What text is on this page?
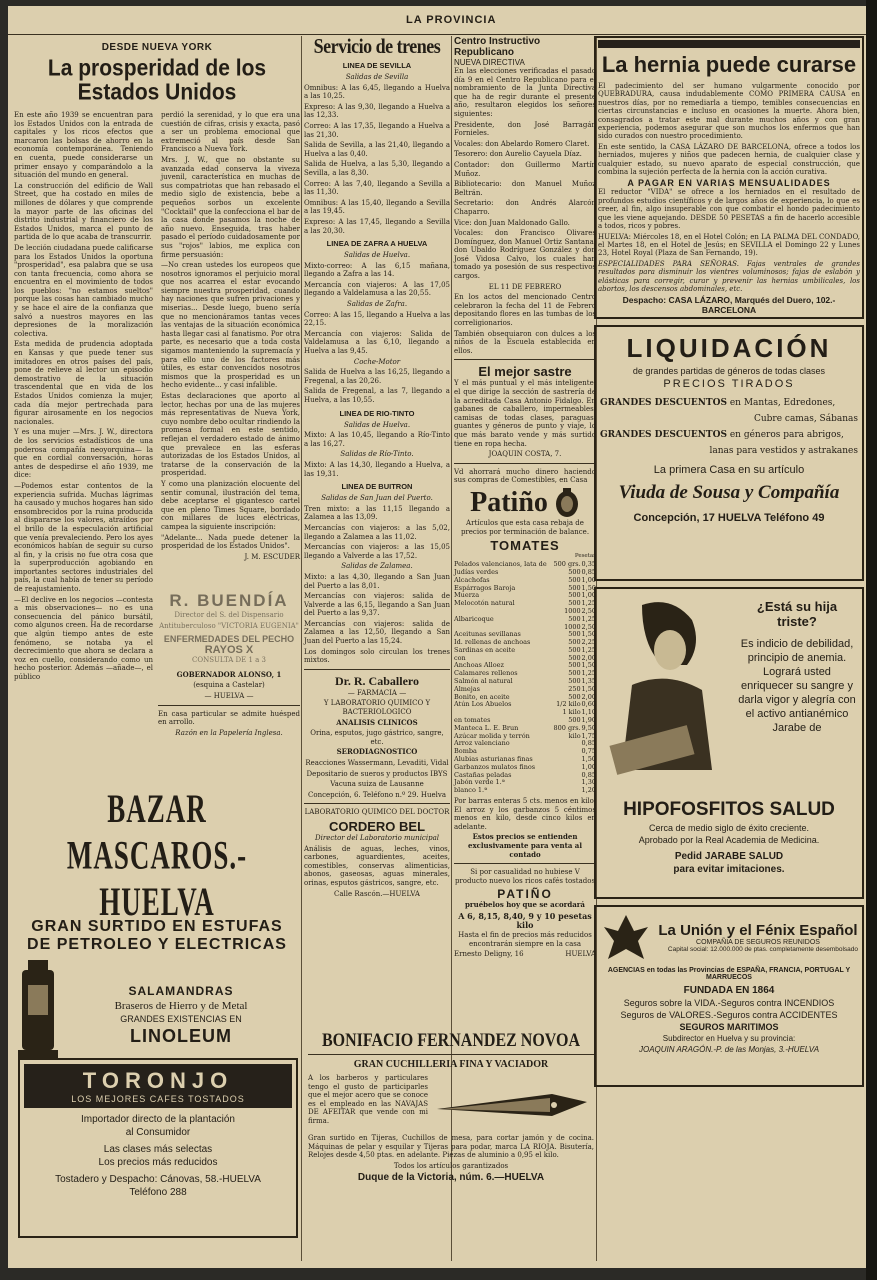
LA PROVINCIA
DESDE NUEVA YORK
La prosperidad de los Estados Unidos

En este año 1939 se encuentran para los Estados Unidos con la entrada de capitales y los ricos efectos que marcaron las bolsas de ahorro en la economía contemporánea. Teniendo en cuenta, puede considerarse un primer ensayo y comparándolo a la situación del mundo en general.

La construcción del edificio de Wall Street, que ha costado en miles de millones de dólares y que comprende la mayor parte de las oficinas del distrito industrial y financiero de los Estados Unidos, marca el punto de partida de lo que acaba de transcurrir.

De lección ciudadana puede calificarse para los Estados Unidos la oportuna "prosperidad", esa palabra que se usa con tanta frecuencia, como ahora se encuentra en el movimiento de todos los pueblos: "no estamos sueltos" porque las cosas han cambiado mucho y se hace el aire de la confianza que salvó a nuestros mayores en las depresiones de la moralización colectiva.

Esta medida de prudencia adoptada en Kansas y que puede tener sus imitadores en otros países del país, pone de relieve al lector un episodio demostrativo de la situación trascendental que en vida de los Estados Unidos comienza la mujer, cada día mejor pertrechada para figurar airosamente en los negocios nacionales.

Y es una mujer —Mrs. J. W., directora de los servicios estadísticos de una poderosa compañía neoyorquina— la que en cordial conversación, horas antes de despedirse el año 1939, me dice:

—Podemos estar contentos de la experiencia sufrida. Muchas lágrimas ha causado y muchos hogares han sido ensombrecidos por la ruina producida al dispararse los valores, atraídos por el brillo de la especulación artificial que venía prevaleciendo. Pero los ayes económicos habían de seguir su curso al fin, y la crisis no fue otra cosa que la superproducción agobiando en importantes sectores industriales del país, la cual había de tener su período de reajustamiento.

—El declive en los negocios —contesta a mis observaciones— no es una consecuencia del pánico bursátil, como algunos creen. Ha de recordarse que algún tiempo antes de este fenómeno, se notaba ya el decrecimiento que ahora se declara a voz en cuello, considerando como un hecho posterior. Además —añade—, el público

perdió la serenidad, y lo que era una cuestión de cifras, crisis y exacta, pasó a ser un problema emocional que extremeció al país desde San Francisco a Nueva York.

Mrs. J. W., que no obstante su avanzada edad conserva la viveza juvenil, característica en muchas de sus compatriotas que han rebasado el medio siglo de existencia, bebe a pequeños sorbos un excelente "Cocktail" que la confecciona el bar de la casa donde pasamos la noche de año nuevo. Enseguida, tras haber pasado el período cuidadosamente por sus "rojos" labios, me explica con firme persuasión:

—No crean ustedes los europeos que nosotros ignoramos el perjuicio moral que nos acarrea el estar evocando siempre nuestra prosperidad, cuando hay naciones que sufren privaciones y miserias... Desde luego, bueno sería que no mencionáramos tantas veces las ventajas de la situación económica hasta llegar casi al fanatismo. Por otra parte, es necesario que a toda costa sigamos manteniendo la supremacía y para ello uno de los factores más útiles, es estar convencidos nosotros mismos que la prosperidad es un hecho evidente... y casi infalible.

Estas declaraciones que aporto al lector, hechas por una de las mujeres más representativas de Nueva York, cuyo nombre debo ocultar rindiendo la promesa formal en este sentido, reflejan el verdadero estado de ánimo que prevalece en las esferas autorizadas de los Estados Unidos, al tratarse de la conservación de la prosperidad.

Y como una planización elocuente del sentir comunal, ilustración del tema, debe aceptarse el gigantesco cartel que en pleno Times Square, bordado con millares de luces eléctricas, campea la siguiente inscripción:

"Adelante... Nada puede detener la prosperidad de los Estados Unidos".

J. M. ESCUDER

R. BUENDÍA

Director del S. del Dispensario

Antituberculoso "VICTORIA EUGENIA"

ENFERMEDADES DEL PECHO
RAYOS X

CONSULTA DE 1 a 3

GOBERNADOR ALONSO, 1

(esquina a Castelar)

— HUELVA —

En casa particular se admite huésped en arrollo.

Razón en la Papelería Inglesa.

BAZAR MASCAROS.-HUELVA
GRAN SURTIDO EN ESTUFAS
DE PETROLEO Y ELECTRICAS
SALAMANDRAS
Braseros de Hierro y de Metal
GRANDES EXISTENCIAS EN
LINOLEUM
TORONJO
LOS MEJORES CAFES TOSTADOS
Importador directo de la plantación
al Consumidor
Las clases más selectas
Los precios más reducidos
Tostadero y Despacho: Cánovas, 58.-HUELVA
Teléfono 288
Servicio de trenes
LINEA DE SEVILLA

Salidas de Sevilla

Omnibus: A las 6,45, llegando a Huelva a las 10,25.

Expreso: A las 9,30, llegando a Huelva a las 12,33.

Correo: A las 17,35, llegando a Huelva a las 21,30.

Salida de Sevilla, a las 21,40, llegando a Huelva a las 0,40.

Salida de Huelva, a las 5,30, llegando a Sevilla, a las 8,30.

Correo: A las 7,40, llegando a Sevilla a las 11,30.

Omnibus: A las 15,40, llegando a Sevilla a las 19,45.

Expreso: A las 17,45, llegando a Sevilla a las 20,30.

LINEA DE ZAFRA A HUELVA

Salidas de Huelva.

Mixto-correo: A las 6,15 mañana, llegando a Zafra a las 14.

Mercancía con viajeros: A las 17,05 llegando a Valdelamusa a las 20,55.

Salidas de Zafra.

Correo: A las 15, llegando a Huelva a las 22,15.

Mercancía con viajeros: Salida de Valdelamusa a las 6,10, llegando a Huelva a las 9,45.

Coche-Motor

Salida de Huelva a las 16,25, llegando a Fregenal, a las 20,26.

Salida de Fregenal, a las 7, llegando a Huelva, a las 10,55.

LINEA DE RIO-TINTO

Salidas de Huelva.

Mixto: A las 10,45, llegando a Río-Tinto a las 16,27.

Salidas de Río-Tinto.

Mixto: A las 14,30, llegando a Huelva, a las 19,31.

LINEA DE BUITRON

Salidas de San Juan del Puerto.

Tren mixto: a las 11,15 llegando a Zalamea a las 13,09.

Mercancías con viajeros: a las 5,02, llegando a Zalamea a las 11,02.

Mercancías con viajeros: a las 15,05 llegando a Valverde a las 17,52.

Salidas de Zalamea.

Mixto: a las 4,30, llegando a San Juan del Puerto a las 8,01.

Mercancías con viajeros: salida de Valverde a las 6,15, llegando a San Juan del Puerto a las 9,37.

Mercancías con viajeros: salida de Zalamea a las 12,50, llegando a San Juan del Puerto a las 15,24.

Los domingos solo circulan los trenes mixtos.

Dr. R. Caballero

— FARMACIA —

Y LABORATORIO QUIMICO Y BACTERIOLOGICO

ANALISIS CLINICOS

Orina, esputos, jugo gástrico, sangre, etc.

SERODIAGNOSTICO

Reacciones Wassermann, Levaditi, Vidal

Depositario de sueros y productos IBYS

Vacuna suiza de Lausanne

Concepción, 6. Teléfono n.º 29. Huelva

LABORATORIO QUIMICO DEL DOCTOR

CORDERO BEL

Director del Laboratorio municipal

Análisis de aguas, leches, vinos, carbones, aguardientes, aceites, comestibles, conservas alimenticias, abonos, gaseosas, aguas minerales, orinas, esputos gástricos, sangre, etc.

Calle Rascón.—HUELVA

Centro Instructivo Republicano
NUEVA DIRECTIVA

En las elecciones verificadas el pasado día 9 en el Centro Republicano para el nombramiento de la Junta Directiva que ha de regir durante el presente año, resultaron elegidos los señores siguientes:

Presidente, don José Barragán Fornieles.

Vocales: don Abelardo Romero Claret.

Tesorero: don Aurelio Cayuela Díaz.

Contador: don Guillermo Martín Muñoz.

Bibliotecario: don Manuel Muñoz Beltrán.

Secretario: don Andrés Alarcón Chaparro.

Vice: don Juan Maldonado Gallo.

Vocales: don Francisco Olivares Domínguez, don Manuel Ortiz Santana, don Ubaldo Rodríguez González y don José Vidosa Calvo, los cuales han tomado ya posesión de sus respectivos cargos.

EL 11 DE FEBRERO

En los actos del mencionado Centro celebraron la fecha del 11 de Febrero depositando flores en las tumbas de los correligionarios.

También obsequiaron con dulces a los niños de la Escuela establecida en ellos.

El mejor sastre

Y el más puntual y el más inteligente, el que dirige la sección de sastrería de la acreditada Casa Antonio Fidalgo. En gabanes de caballero, impermeables, camisas de todas clases, paraguas, guantes y géneros de punto y viaje, lo que más barato vende y más surtido tiene en ropa hecha.

JOAQUIN COSTA, 7.

Vd ahorrará mucho dinero haciendo sus compras de Comestibles, en Casa

Patiño

Artículos que esta casa rebaja de precios por terminación de balance.

TOMATES

Pesetas

Pelados valencianos, lata de	500 grs.	0,35
Judías verdes	500	0,85
Alcachofas	500	1,00
Espárragos Baroja	500	1,50
Muerza	500	1,00
Melocotón natural	500	1,25
	1000	2,50
Albaricoque	500	1,25
	1000	2,50
Aceitunas sevillanas	500	1,50
Id. rellenas de anchoas	500	2,25
Sardinas en aceite	500	1,25
con	500	2,00
Anchoas Alloez	500	1,50
Calamares rellenos	500	1,25
Salmón al natural	500	1,35
Almejas	250	1,50
Bonito, en aceite	500	2,00
Atún Los Abuelos	1/2 kilo	0,60
	1 kilo	1,10
en tomates	500	1,90
Manteca L. E. Brun	800 grs.	9,50
Azúcar molida y terrón	kilo	1,75
Arroz valenciano		0,85
Bomba		0,75
Alubias asturianas finas		1,50
Garbanzos mulatos finos		1,00
Castañas peladas		0,85
Jabón verde 1.ª		1,30
blanco 1.ª		1,20

Por barras enteras 5 cts. menos en kilo. El arroz y los garbanzos 5 céntimos menos en kilo, desde cinco kilos en adelante.

Estos precios se entienden exclusivamente para venta al contado

Si por casualidad no hubiese V producto nuevo los ricos cafés tostados

PATIÑO

pruébelos hoy que se acordará

A 6, 8,15, 8,40, 9 y 10 pesetas kilo

Hasta el fin de precios más reducidos encontrarán siempre en la casa

Ernesto Deligny, 16	HUELVA
BONIFACIO FERNANDEZ NOVOA
GRAN CUCHILLERIA FINA Y VACIADOR

A los barberos y particulares tengo el gusto de participarles que el mejor acero que se conoce es el empleado en las NAVAJAS DE AFEITAR que vende con mi firma.

Gran surtido en Tijeras, Cuchillos de mesa, para cortar jamón y de cocina. Máquinas de pelar y esquilar y Tijeras para podar, marca LA RIOJA. Bisutería, Relojes desde 4,50 ptas. en adelante. Piezas de aluminio a 0,95 el kilo.

Todos los artículos garantizados

Duque de la Victoria, núm. 6.—HUELVA
La hernia puede curarse

El padecimiento del ser humano vulgarmente conocido por QUEBRADURA, causa indudablemente COMO PRIMERA CAUSA en nuestros días, por no remediarla a tiempo, temibles consecuencias en ciertas circunstancias e incluso en ocasiones la muerte. Ahora bien, consagrados a tratar este mal durante muchos años y con gran experiencia, podemos asegurar que son muchos los enfermos que han sido curados con nuestro procedimiento.

En este sentido, la CASA LÁZARO DE BARCELONA, ofrece a todos los herniados, mujeres y niños que padecen hernia, de cualquier clase y cualquier estado, su nuevo aparato de especial construcción, que combina la sujeción perfecta de la hernia con la acción curativa.

A PAGAR EN VARIAS MENSUALIDADES

El reductor "VIDA" se ofrece a los herniados en el resultado de profundos estudios científicos y de largos años de experiencia, lo que es creer, al fin, algo insuperable con que combatir el hondo padecimiento que les viene aquejando. DESDE 50 PESETAS a fin de hacerlo accesible a todos, ricos y pobres.

HUELVA: Miércoles 18, en el Hotel Colón; en LA PALMA DEL CONDADO, el Martes 18, en el Hotel de Jesús; en SEVILLA el Domingo 22 y Lunes 23, Hotel Royal (Plaza de San Fernando, 19).

ESPECIALIDADES PARA SEÑORAS. Fajas ventrales de grandes resultados para disminuir los vientres voluminosos; fajas de eslabón y elásticas para corregir, curar y prevenir las hernias umbilicales, los abortos, los descensos abdominales, etc.

Despacho: CASA LÁZARO, Marqués del Duero, 102.-BARCELONA
LIQUIDACIÓN
de grandes partidas de géneros de todas clases
PRECIOS TIRADOS
GRANDES DESCUENTOS en Mantas, Edredones,
Cubre camas, Sábanas
GRANDES DESCUENTOS en géneros para abrigos,
lanas para vestidos y astrakanes
La primera Casa en su artículo
Viuda de Sousa y Compañía
Concepción, 17 HUELVA Teléfono 49
¿Está su hija triste?
Es indicio de debilidad, principio de anemia. Logrará usted enriquecer su sangre y darla vigor y alegría con el activo antianémico Jarabe de
HIPOFOSFITOS SALUD
Cerca de medio siglo de éxito creciente.
Aprobado por la Real Academia de Medicina.
Pedid JARABE SALUD
para evitar imitaciones.
La Unión y el Fénix Español
COMPAÑIA DE SEGUROS REUNIDOS
Capital social: 12.000.000 de ptas. completamente desembolsado
AGENCIAS en todas las Provincias de ESPAÑA, FRANCIA, PORTUGAL Y MARRUECOS
FUNDADA EN 1864
Seguros sobre la VIDA.-Seguros contra INCENDIOS
Seguros de VALORES.-Seguros contra ACCIDENTES
SEGUROS MARITIMOS
Subdirector en Huelva y su provincia:
JOAQUIN ARAGÓN.-P. de las Monjas, 3.-HUELVA
